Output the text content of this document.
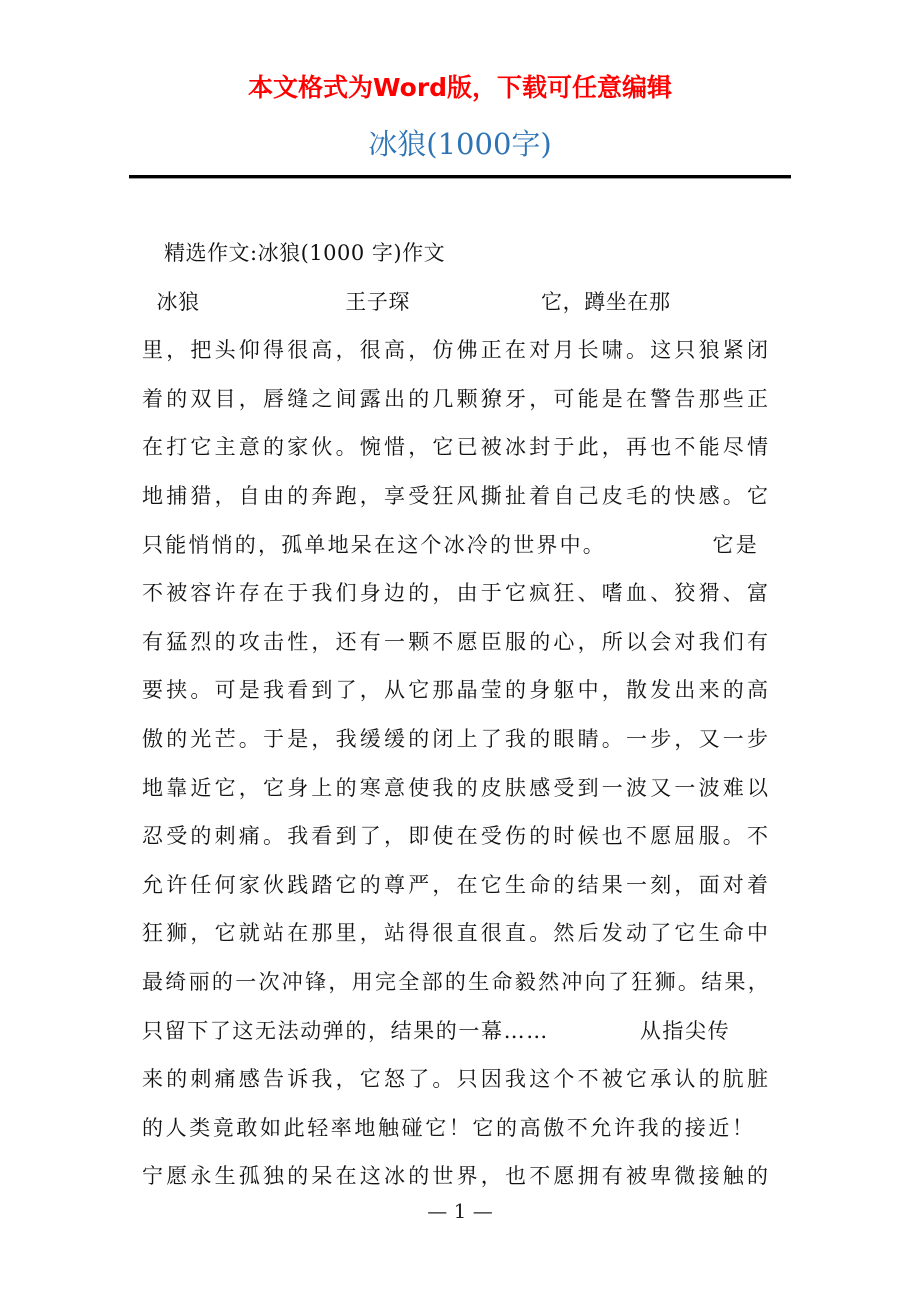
本文格式为Word版，下载可任意编辑
冰狼(1000字)
精选作文:冰狼(1000 字)作文
冰狼                    王子琛                  它，蹲坐在那
里，把头仰得很高，很高，仿佛正在对月长啸。这只狼紧闭
着的双目，唇缝之间露出的几颗獠牙，可能是在警告那些正
在打它主意的家伙。惋惜，它已被冰封于此，再也不能尽情
地捕猎，自由的奔跑，享受狂风撕扯着自己皮毛的快感。它
只能悄悄的，孤单地呆在这个冰冷的世界中。            它是
不被容许存在于我们身边的，由于它疯狂、嗜血、狡猾、富
有猛烈的攻击性，还有一颗不愿臣服的心，所以会对我们有
要挟。可是我看到了，从它那晶莹的身躯中，散发出来的高
傲的光芒。于是，我缓缓的闭上了我的眼睛。一步，又一步
地靠近它，它身上的寒意使我的皮肤感受到一波又一波难以
忍受的刺痛。我看到了，即使在受伤的时候也不愿屈服。不
允许任何家伙践踏它的尊严，在它生命的结果一刻，面对着
狂狮，它就站在那里，站得很直很直。然后发动了它生命中
最绮丽的一次冲锋，用完全部的生命毅然冲向了狂狮。结果，
只留下了这无法动弹的，结果的一幕……           从指尖传
来的刺痛感告诉我，它怒了。只因我这个不被它承认的肮脏
的人类竟敢如此轻率地触碰它！它的高傲不允许我的接近！
宁愿永生孤独的呆在这冰的世界，也不愿拥有被卑微接触的
— 1 —
